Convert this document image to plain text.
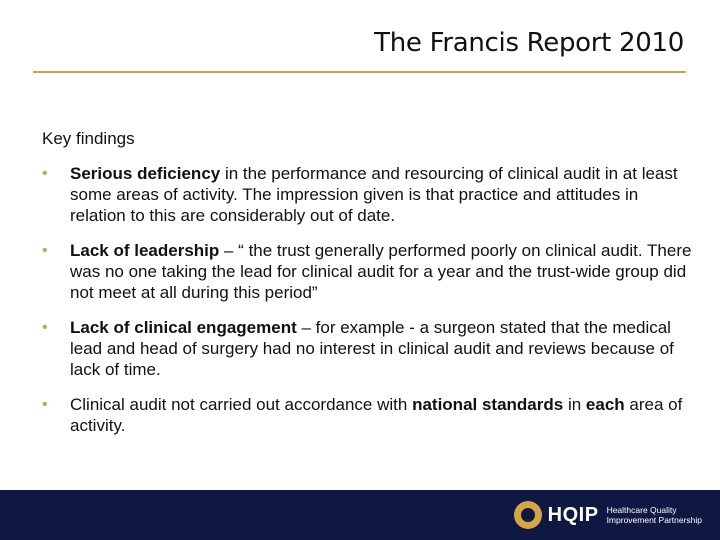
The Francis Report 2010
Key findings
• Serious deficiency in the performance and resourcing of clinical audit in at least some areas of activity. The impression given is that practice and attitudes in relation to this are considerably out of date.
• Lack of leadership – “ the trust generally performed poorly on clinical audit. There was no one taking the lead for clinical audit for a year and the trust-wide group did not meet at all during this period”
• Lack of clinical engagement – for example - a surgeon stated that the medical lead and head of surgery had no interest in clinical audit and reviews because of lack of time.
• Clinical audit not carried out accordance with national standards in each area of activity.
HQIP Healthcare Quality
Improvement Partnership
